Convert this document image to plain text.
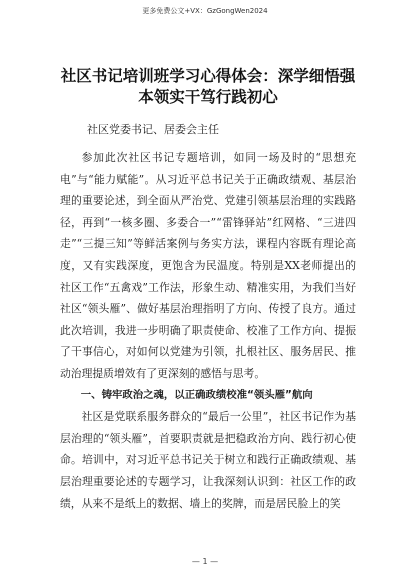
更多免费公文+VX：GzGongWen2024
社区书记培训班学习心得体会：深学细悟强本领实干笃行践初心
社区党委书记、居委会主任

参加此次社区书记专题培训，如同一场及时的“思想充电”与“能力赋能”。从习近平总书记关于正确政绩观、基层治理的重要论述，到全面从严治党、党建引领基层治理的实践路径，再到“一核多圈、多委合一”“雷锋驿站”红网格、“三进四走”“三提三知”等鲜活案例与务实方法，课程内容既有理论高度，又有实践深度，更饱含为民温度。特别是XX老师提出的社区工作“五禽戏”工作法，形象生动、精准实用，为我们当好社区“领头雁”、做好基层治理指明了方向、传授了良方。通过此次培训，我进一步明确了职责使命、校准了工作方向、提振了干事信心，对如何以党建为引领，扎根社区、服务居民、推动治理提质增效有了更深刻的感悟与思考。

一、铸牢政治之魂，以正确政绩校准“领头雁”航向

社区是党联系服务群众的“最后一公里”，社区书记作为基层治理的“领头雁”，首要职责就是把稳政治方向、践行初心使命。培训中，对习近平总书记关于树立和践行正确政绩观、基层治理重要论述的专题学习，让我深刻认识到：社区工作的政绩，从来不是纸上的数据、墙上的奖牌，而是居民脸上的笑

— 1 —
